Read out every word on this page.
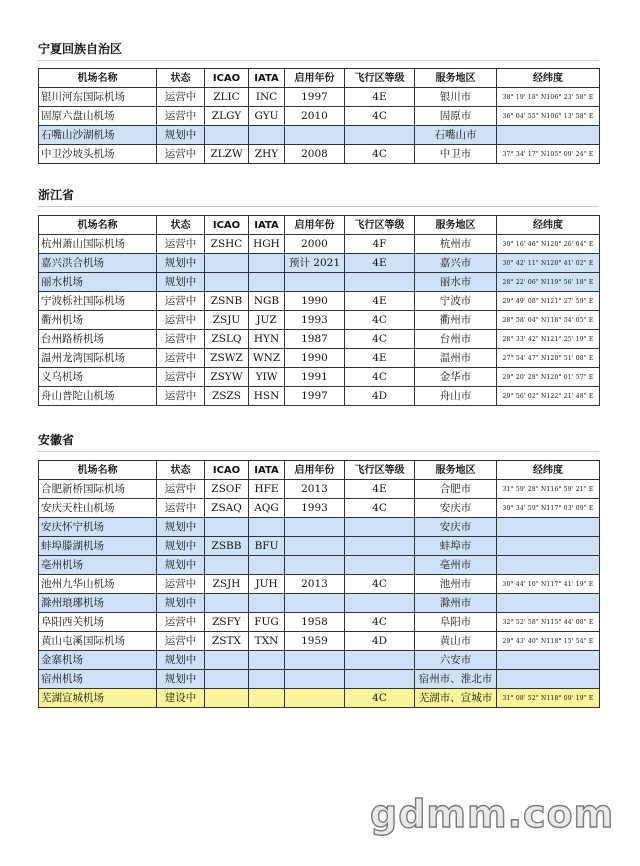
宁夏回族自治区
机场名称	状态	ICAO	IATA	启用年份	飞行区等级	服务地区	经纬度
银川河东国际机场	运营中	ZLIC	INC	1997	4E	银川市	38° 19' 18" N106° 23' 58" E
固原六盘山机场	运营中	ZLGY	GYU	2010	4C	固原市	36° 04' 55" N106° 13' 58" E
石嘴山沙湖机场	规划中					石嘴山市	
中卫沙坡头机场	运营中	ZLZW	ZHY	2008	4C	中卫市	37° 34' 17" N105° 09' 24" E
浙江省
机场名称	状态	ICAO	IATA	启用年份	飞行区等级	服务地区	经纬度
杭州萧山国际机场	运营中	ZSHC	HGH	2000	4F	杭州市	30° 16' 46" N120° 26' 04" E
嘉兴洪合机场	规划中			预计 2021	4E	嘉兴市	30° 42' 11" N120° 41' 02" E
丽水机场	规划中					丽水市	28° 22' 06" N119° 56' 18" E
宁波栎社国际机场	运营中	ZSNB	NGB	1990	4E	宁波市	29° 49' 08" N121° 27' 59" E
衢州机场	运营中	ZSJU	JUZ	1993	4C	衢州市	28° 58' 04" N118° 54' 05" E
台州路桥机场	运营中	ZSLQ	HYN	1987	4C	台州市	28° 33' 42" N121° 25' 19" E
温州龙湾国际机场	运营中	ZSWZ	WNZ	1990	4E	温州市	27° 54' 47" N120° 51' 08" E
义乌机场	运营中	ZSYW	YIW	1991	4C	金华市	29° 20' 28" N120° 01' 57" E
舟山普陀山机场	运营中	ZSZS	HSN	1997	4D	舟山市	29° 56' 02" N122° 21' 48" E
安徽省
机场名称	状态	ICAO	IATA	启用年份	飞行区等级	服务地区	经纬度
合肥新桥国际机场	运营中	ZSOF	HFE	2013	4E	合肥市	31° 59' 28" N116° 59' 21" E
安庆天柱山机场	运营中	ZSAQ	AQG	1993	4C	安庆市	30° 34' 59" N117° 03' 09" E
安庆怀宁机场	规划中					安庆市	
蚌埠滕湖机场	规划中	ZSBB	BFU			蚌埠市	
亳州机场	规划中					亳州市	
池州九华山机场	运营中	ZSJH	JUH	2013	4C	池州市	30° 44' 10" N117° 41' 19" E
滁州琅琊机场	规划中					滁州市	
阜阳西关机场	运营中	ZSFY	FUG	1958	4C	阜阳市	32° 52' 58" N115° 44' 08" E
黄山屯溪国际机场	运营中	ZSTX	TXN	1959	4D	黄山市	29° 43' 40" N118° 15' 54" E
金寨机场	规划中					六安市	
宿州机场	规划中					宿州市、淮北市	
芜湖宣城机场	建设中				4C	芜湖市、宣城市	31° 08' 52" N118° 09' 19" E
gdmm.com
